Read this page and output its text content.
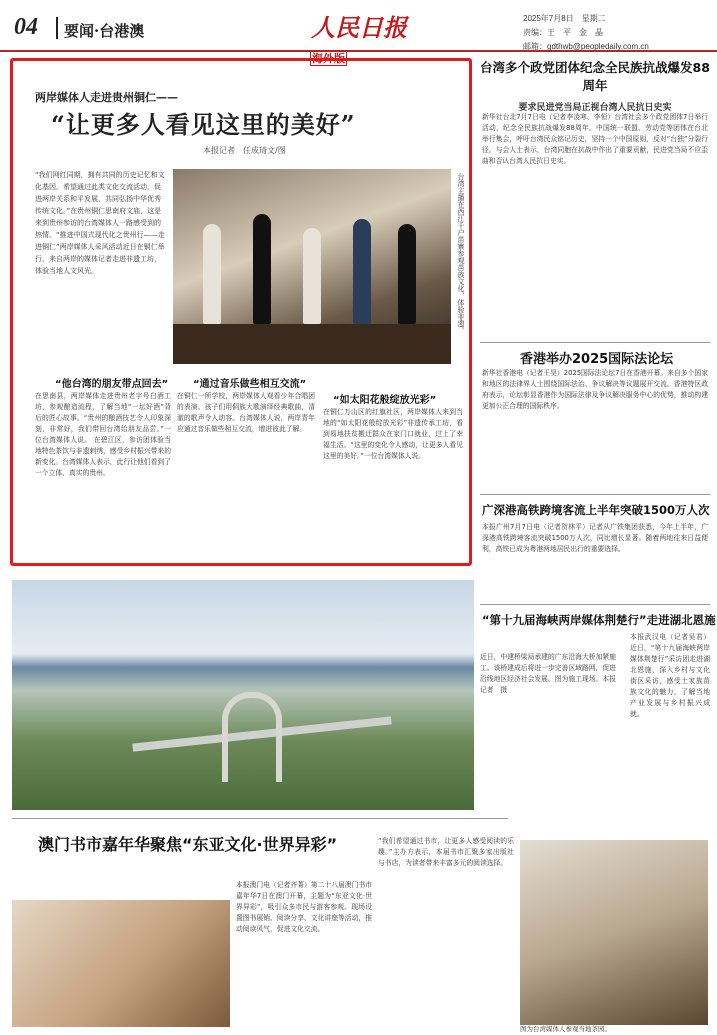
04 要闻·台港澳	人民日报海外版
2025年7月8日　星期二
责编：王　平　金　晶
邮箱：gdthwb@peopledaily.com.cn
两岸媒体人走进贵州铜仁——
“让更多人看见这里的美好”
本报记者　任成琦文/图
“我们网红同期，拥有共同的历史记忆和文化基因。希望通过此类文化交流活动，促进两岸关系和平发展，共同弘扬中华优秀传统文化。”在贵州铜仁思南府文庙，这是来到贵州参访的台湾媒体人一路感受到的热情。“推进中国式现代化之贵州行——走进铜仁”两岸媒体人采风活动近日在铜仁举行，来自两岸的媒体记者走进非遗工坊，体验当地人文风光。	台湾主播在西江千户苗寨参观苗族文化，体验非遗。
“他台湾的朋友带点回去”
在思南县，两岸媒体走进贵州老字号白酒工坊，参观酿造流程，了解当地“一坛好酒”背后的匠心故事。“贵州的酿酒技艺令人印象深刻，非常好，我们带回台湾给朋友品尝。”一位台湾媒体人说。 在碧江区，参访团体验当地特色茶饮与非遗刺绣，感受乡村振兴带来的新变化。台湾媒体人表示，此行让他们看到了一个立体、真实的贵州。
“通过音乐做些相互交流”
在铜仁一所学校，两岸媒体人观看少年合唱团的表演。孩子们用侗族大歌演绎经典歌曲，清澈的歌声令人动容。台湾媒体人说，两岸青年应通过音乐做些相互交流，增进彼此了解。
“如太阳花般绽放光彩”
在铜仁万山区的红旗社区，两岸媒体人来到当地的“如太阳花般绽放光彩”非遗传承工坊，看到易地扶贫搬迁群众在家门口就业，过上了幸福生活。“这里的变化令人感动，让更多人看见这里的美好。”一位台湾媒体人说。
台湾多个政党团体纪念全民族抗战爆发88周年
要求民进党当局正视台湾人民抗日史实
新华社台北7月7日电（记者李凌寒、李恒）台湾社会多个政党团体7日举行活动，纪念全民族抗战爆发88周年。中国统一联盟、劳动党等团体在台北举行集会，呼吁台湾民众铭记历史，坚持一个中国原则，反对“台独”分裂行径。与会人士表示，台湾同胞在抗战中作出了重要贡献，民进党当局不应歪曲和否认台湾人民抗日史实。
香港举办2025国际法论坛
新华社香港电（记者王昊）2025国际法论坛7日在香港开幕。来自多个国家和地区的法律界人士围绕国际法治、争议解决等议题展开交流。香港特区政府表示，论坛彰显香港作为国际法律及争议解决服务中心的优势，推动构建更加公正合理的国际秩序。
广深港高铁跨境客流上半年突破1500万人次
本报广州7月7日电（记者贺林平）记者从广铁集团获悉，今年上半年，广深港高铁跨境客流突破1500万人次，同比增长显著。随着两地往来日益便利，高铁已成为粤港两地居民出行的重要选择。
“第十九届海峡两岸媒体荆楚行”走进湖北恩施
本报武汉电（记者吴君）近日，“第十九届海峡两岸媒体荆楚行”采访团走进湖北恩施，深入乡村与文化街区采访，感受土家族苗族文化的魅力，了解当地产业发展与乡村振兴成就。
近日，中建桥梁局承建的广东沿海大桥加紧施工。该桥建成后将进一步完善区域路网，促进沿线地区经济社会发展。图为施工现场。本报记者　摄
澳门书市嘉年华聚焦“东亚文化·世界异彩”
本报澳门电（记者齐菁）第二十八届澳门书市嘉年华7日在澳门开幕，主题为“东亚文化·世界异彩”，吸引众多市民与游客参观。现场设置图书展销、阅读分享、文化讲座等活动，推动阅读风气，促进文化交流。
“我们希望通过书市，让更多人感受阅读的乐趣。”主办方表示，本届书市汇聚多家出版社与书店，为读者带来丰富多元的阅读选择。
图为台湾媒体人参观当地茶园。
